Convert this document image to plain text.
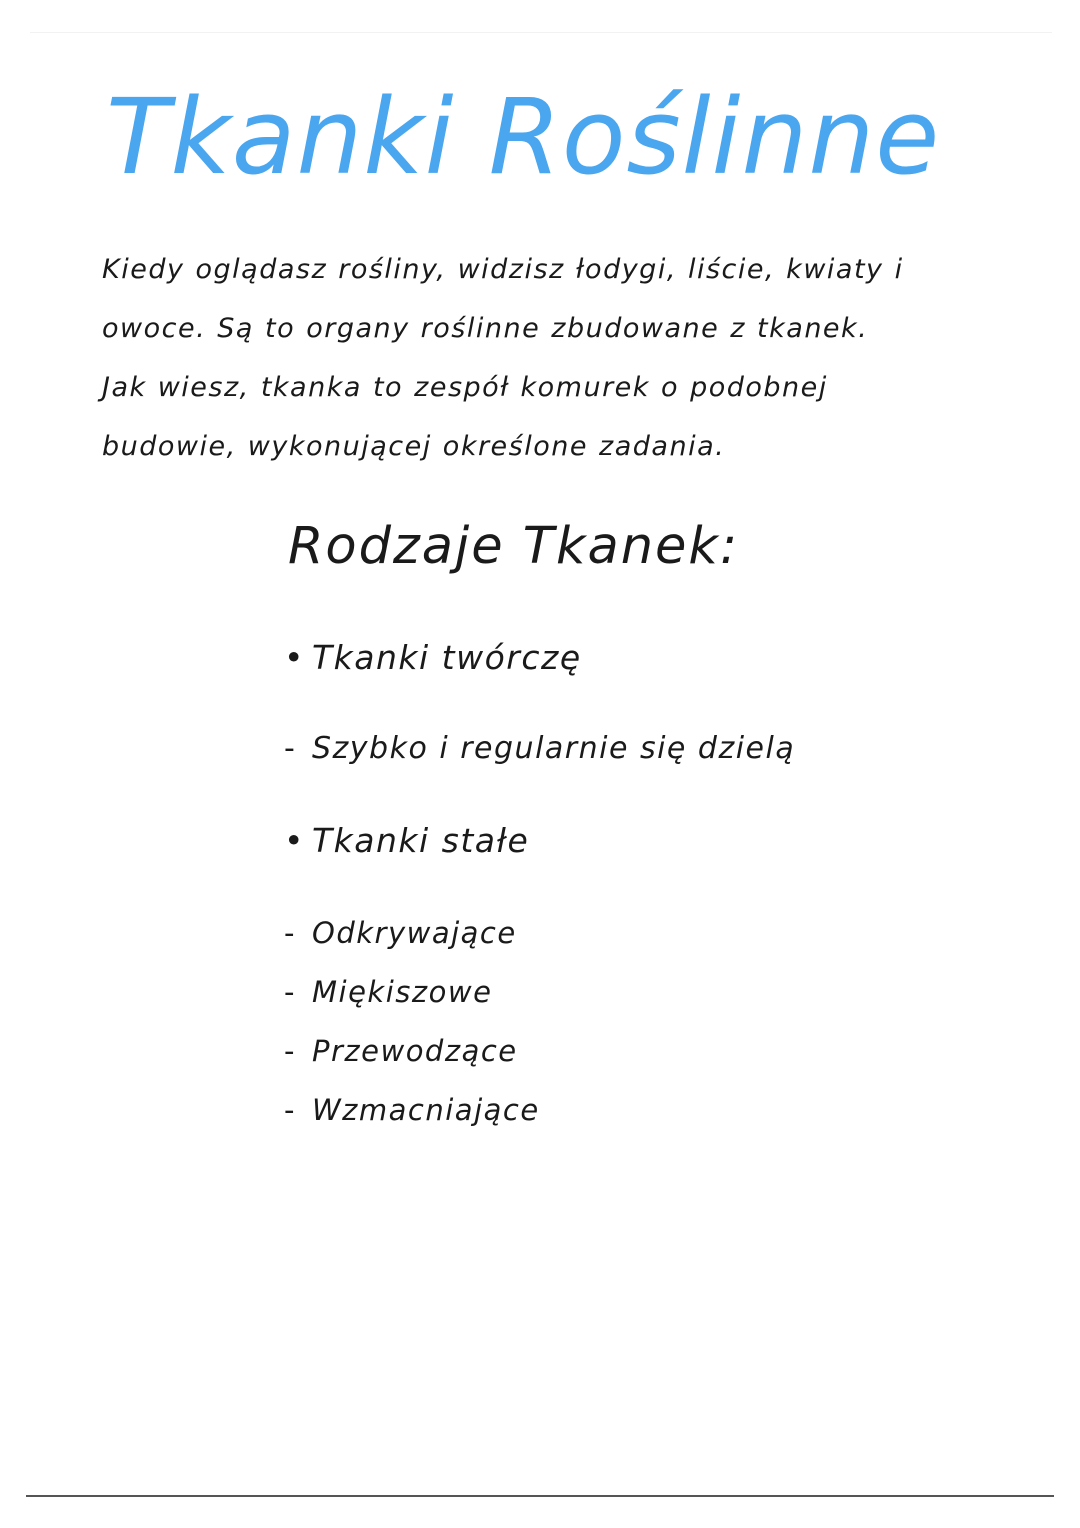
Tkanki Roślinne

Kiedy oglądasz rośliny, widzisz łodygi, liście, kwiaty i
owoce. Są to organy roślinne zbudowane z tkanek.
Jak wiesz, tkanka to zespół komurek o podobnej
budowie, wykonującej określone zadania.

Rodzaje Tkanek:
• Tkanki twórczę
- Szybko i regularnie się dzielą
• Tkanki stałe
- Odkrywające
- Miękiszowe
- Przewodzące
- Wzmacniające
